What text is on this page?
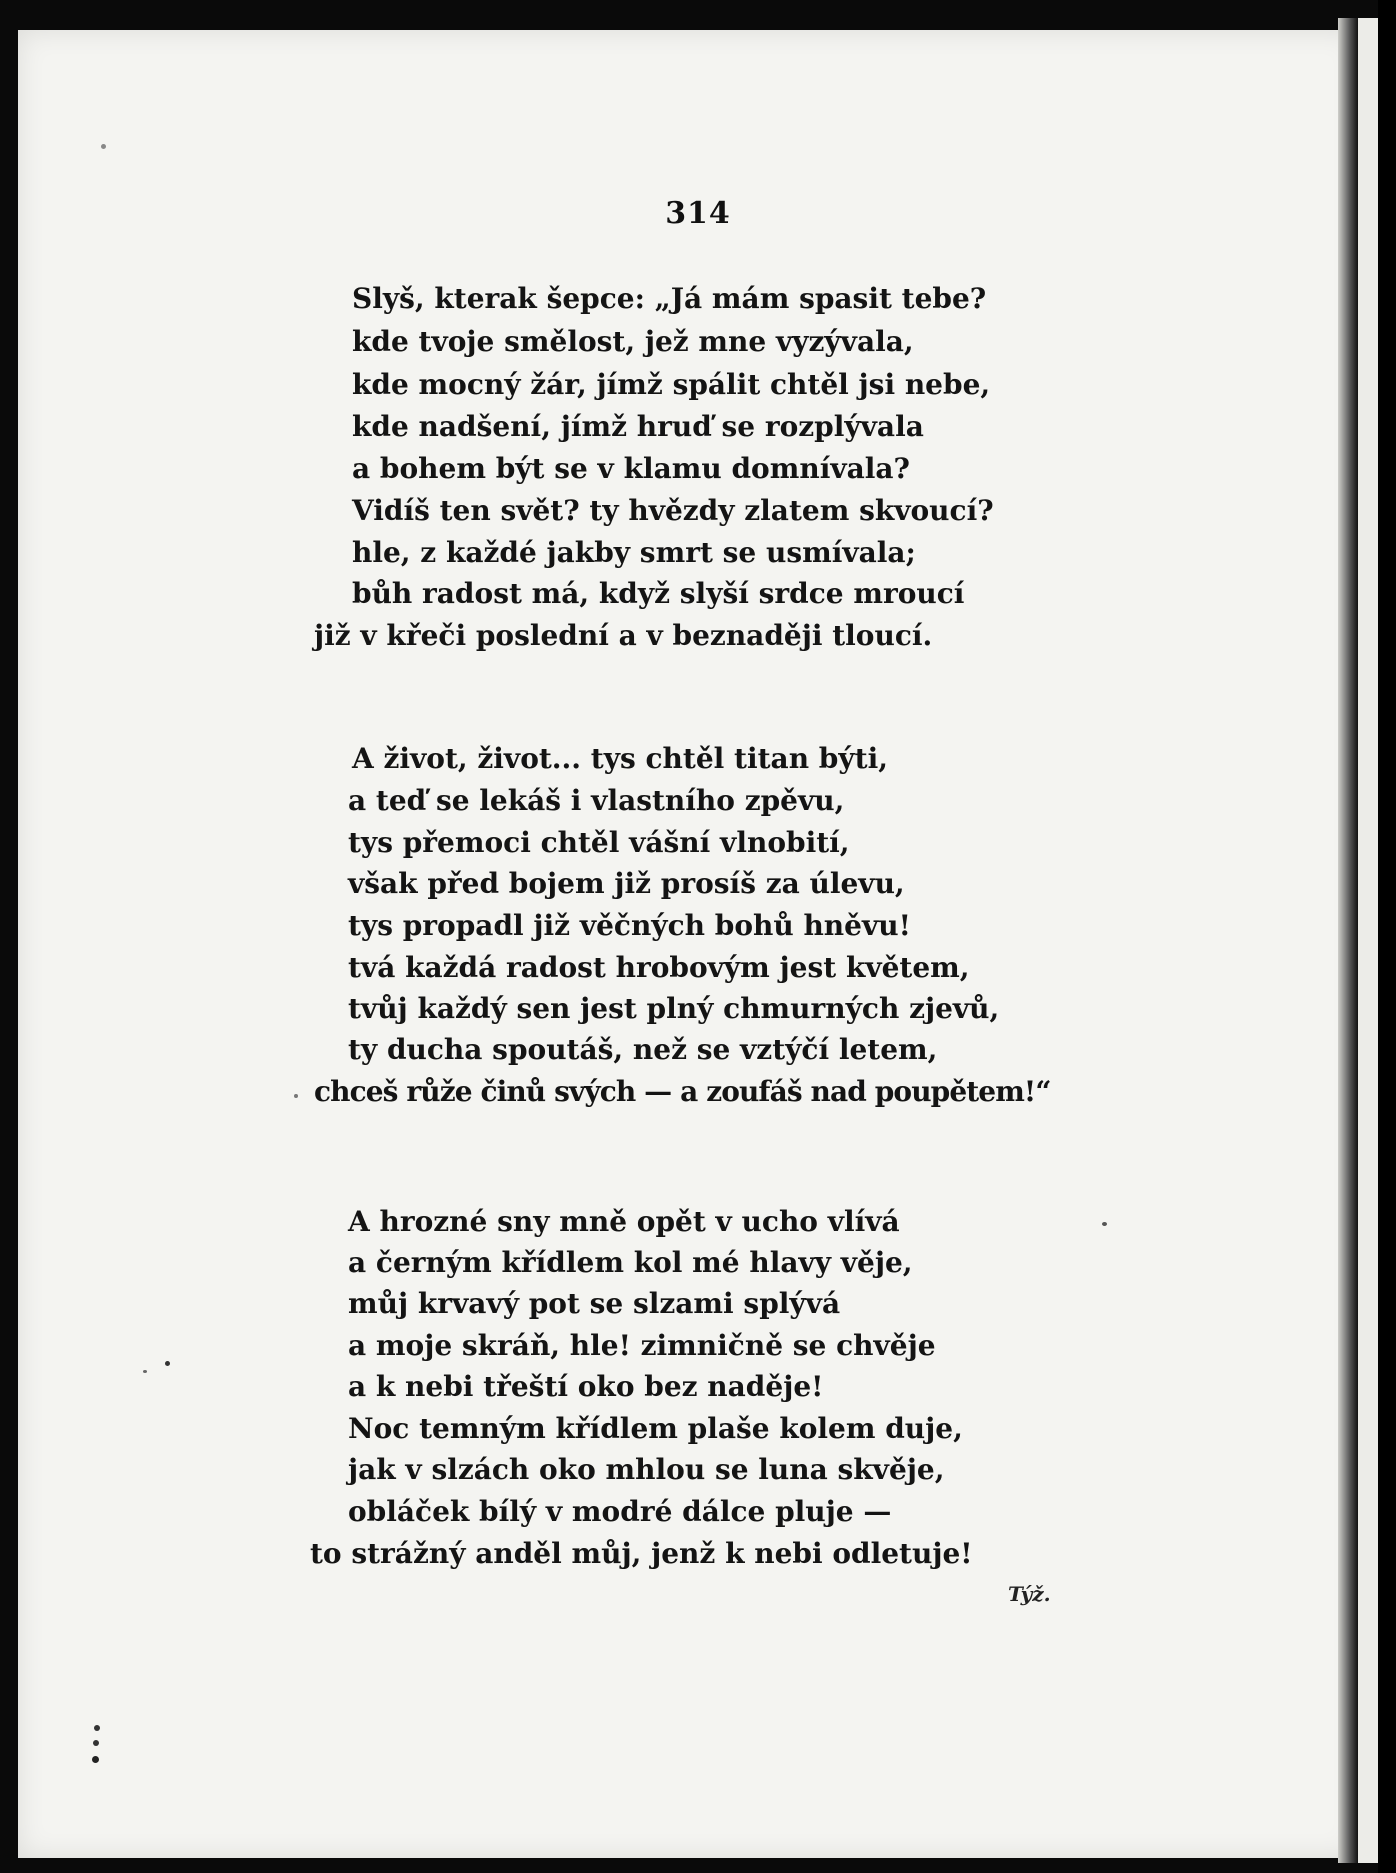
314
Slyš, kterak šepce: „Já mám spasit tebe?
kde tvoje smělost, jež mne vyzývala,
kde mocný žár, jímž spálit chtěl jsi nebe,
kde nadšení, jímž hruď se rozplývala
a bohem být se v klamu domnívala?
Vidíš ten svět? ty hvězdy zlatem skvoucí?
hle, z každé jakby smrt se usmívala;
bůh radost má, když slyší srdce mroucí
již v křeči poslední a v beznaději tloucí.
A život, život... tys chtěl titan býti,
a teď se lekáš i vlastního zpěvu,
tys přemoci chtěl vášní vlnobití,
však před bojem již prosíš za úlevu,
tys propadl již věčných bohů hněvu!
tvá každá radost hrobovým jest květem,
tvůj každý sen jest plný chmurných zjevů,
ty ducha spoutáš, než se vztýčí letem,
chceš růže činů svých — a zoufáš nad poupětem!“
A hrozné sny mně opět v ucho vlívá
a černým křídlem kol mé hlavy věje,
můj krvavý pot se slzami splývá
a moje skráň, hle! zimničně se chvěje
a k nebi třeští oko bez naděje!
Noc temným křídlem plaše kolem duje,
jak v slzách oko mhlou se luna skvěje,
obláček bílý v modré dálce pluje —
to strážný anděl můj, jenž k nebi odletuje!
Týž.
